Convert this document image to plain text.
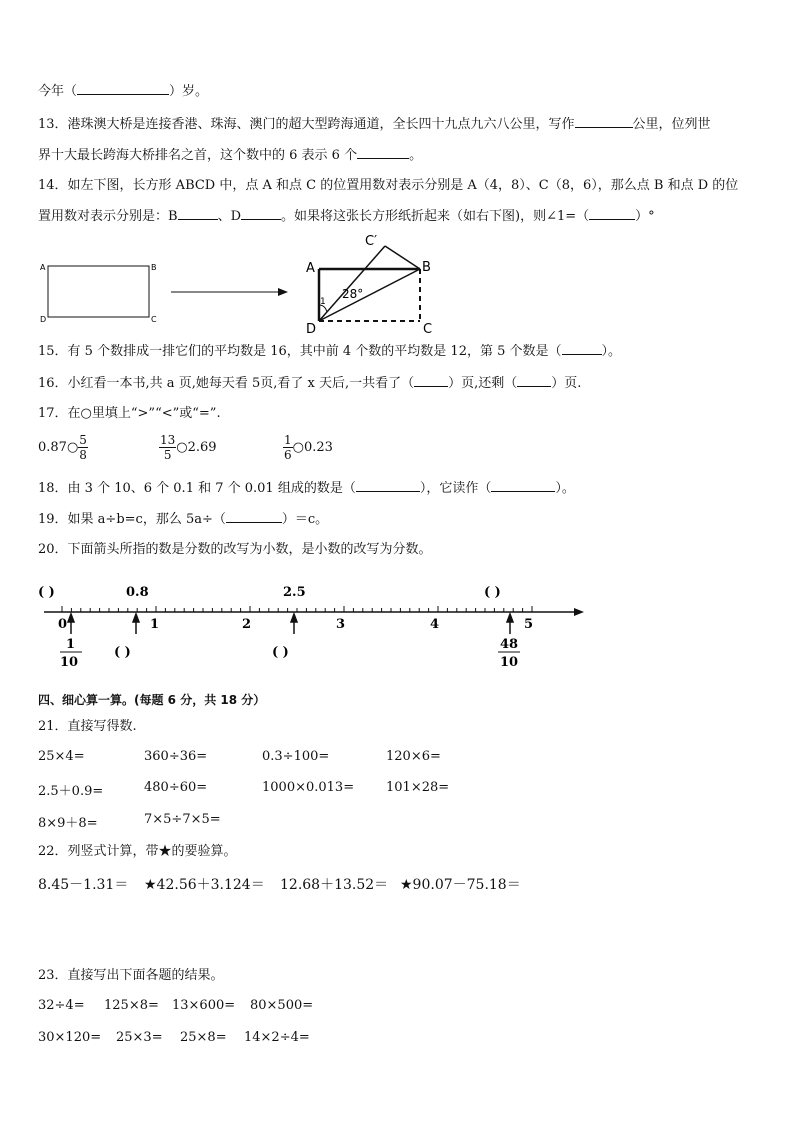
今年（	）岁。
13．港珠澳大桥是连接香港、珠海、澳门的超大型跨海通道，全长四十九点九六八公里，写作	公里，位列世
界十大最长跨海大桥排名之首，这个数中的 6 表示 6 个	。
14．如左下图，长方形 ABCD 中，点 A 和点 C 的位置用数对表示分别是 A（4，8）、C（8，6），那么点 B 和点 D 的位
置用数对表示分别是：B	、D	。如果将这张长方形纸折起来（如右下图)，则∠1=（	）°
A	B
D	C
A	B
D	C
C′
1
28°
15．有 5 个数排成一排它们的平均数是 16，其中前 4 个数的平均数是 12，第 5 个数是（	）。
16．小红看一本书,共 a 页,她每天看 5页,看了 x 天后,一共看了（	）页,还剩（	）页.
17．在○里填上“>”“<”或“=”.
0.87○ $\frac{5}{8}$	$\frac{13}{5}$ ○2.69	$\frac{1}{6}$ ○0.23
18．由 3 个 10、6 个 0.1 和 7 个 0.01 组成的数是（	），它读作（	）。
19．如果 a÷b=c，那么 5a÷（	）＝c。
20．下面箭头所指的数是分数的改写为小数，是小数的改写为分数。
( )	0.8	2.5	( )
0	1	2	3	4	5
1
10
( )	( )
48
10
四、细心算一算。(每题 6 分，共 18 分）
21．直接写得数.
25×4=	360÷36=	0.3÷100=	120×6=
2.5＋0.9=	480÷60=	1000×0.013= 101×28=
8×9＋8=	7×5÷7×5=
22．列竖式计算，带★的要验算。
8.45－1.31＝ ★42.56＋3.124＝ 12.68＋13.52＝ ★90.07－75.18＝
23．直接写出下面各题的结果。
32÷4= 125×8= 13×600= 80×500=
30×120= 25×3= 25×8= 14×2÷4=
